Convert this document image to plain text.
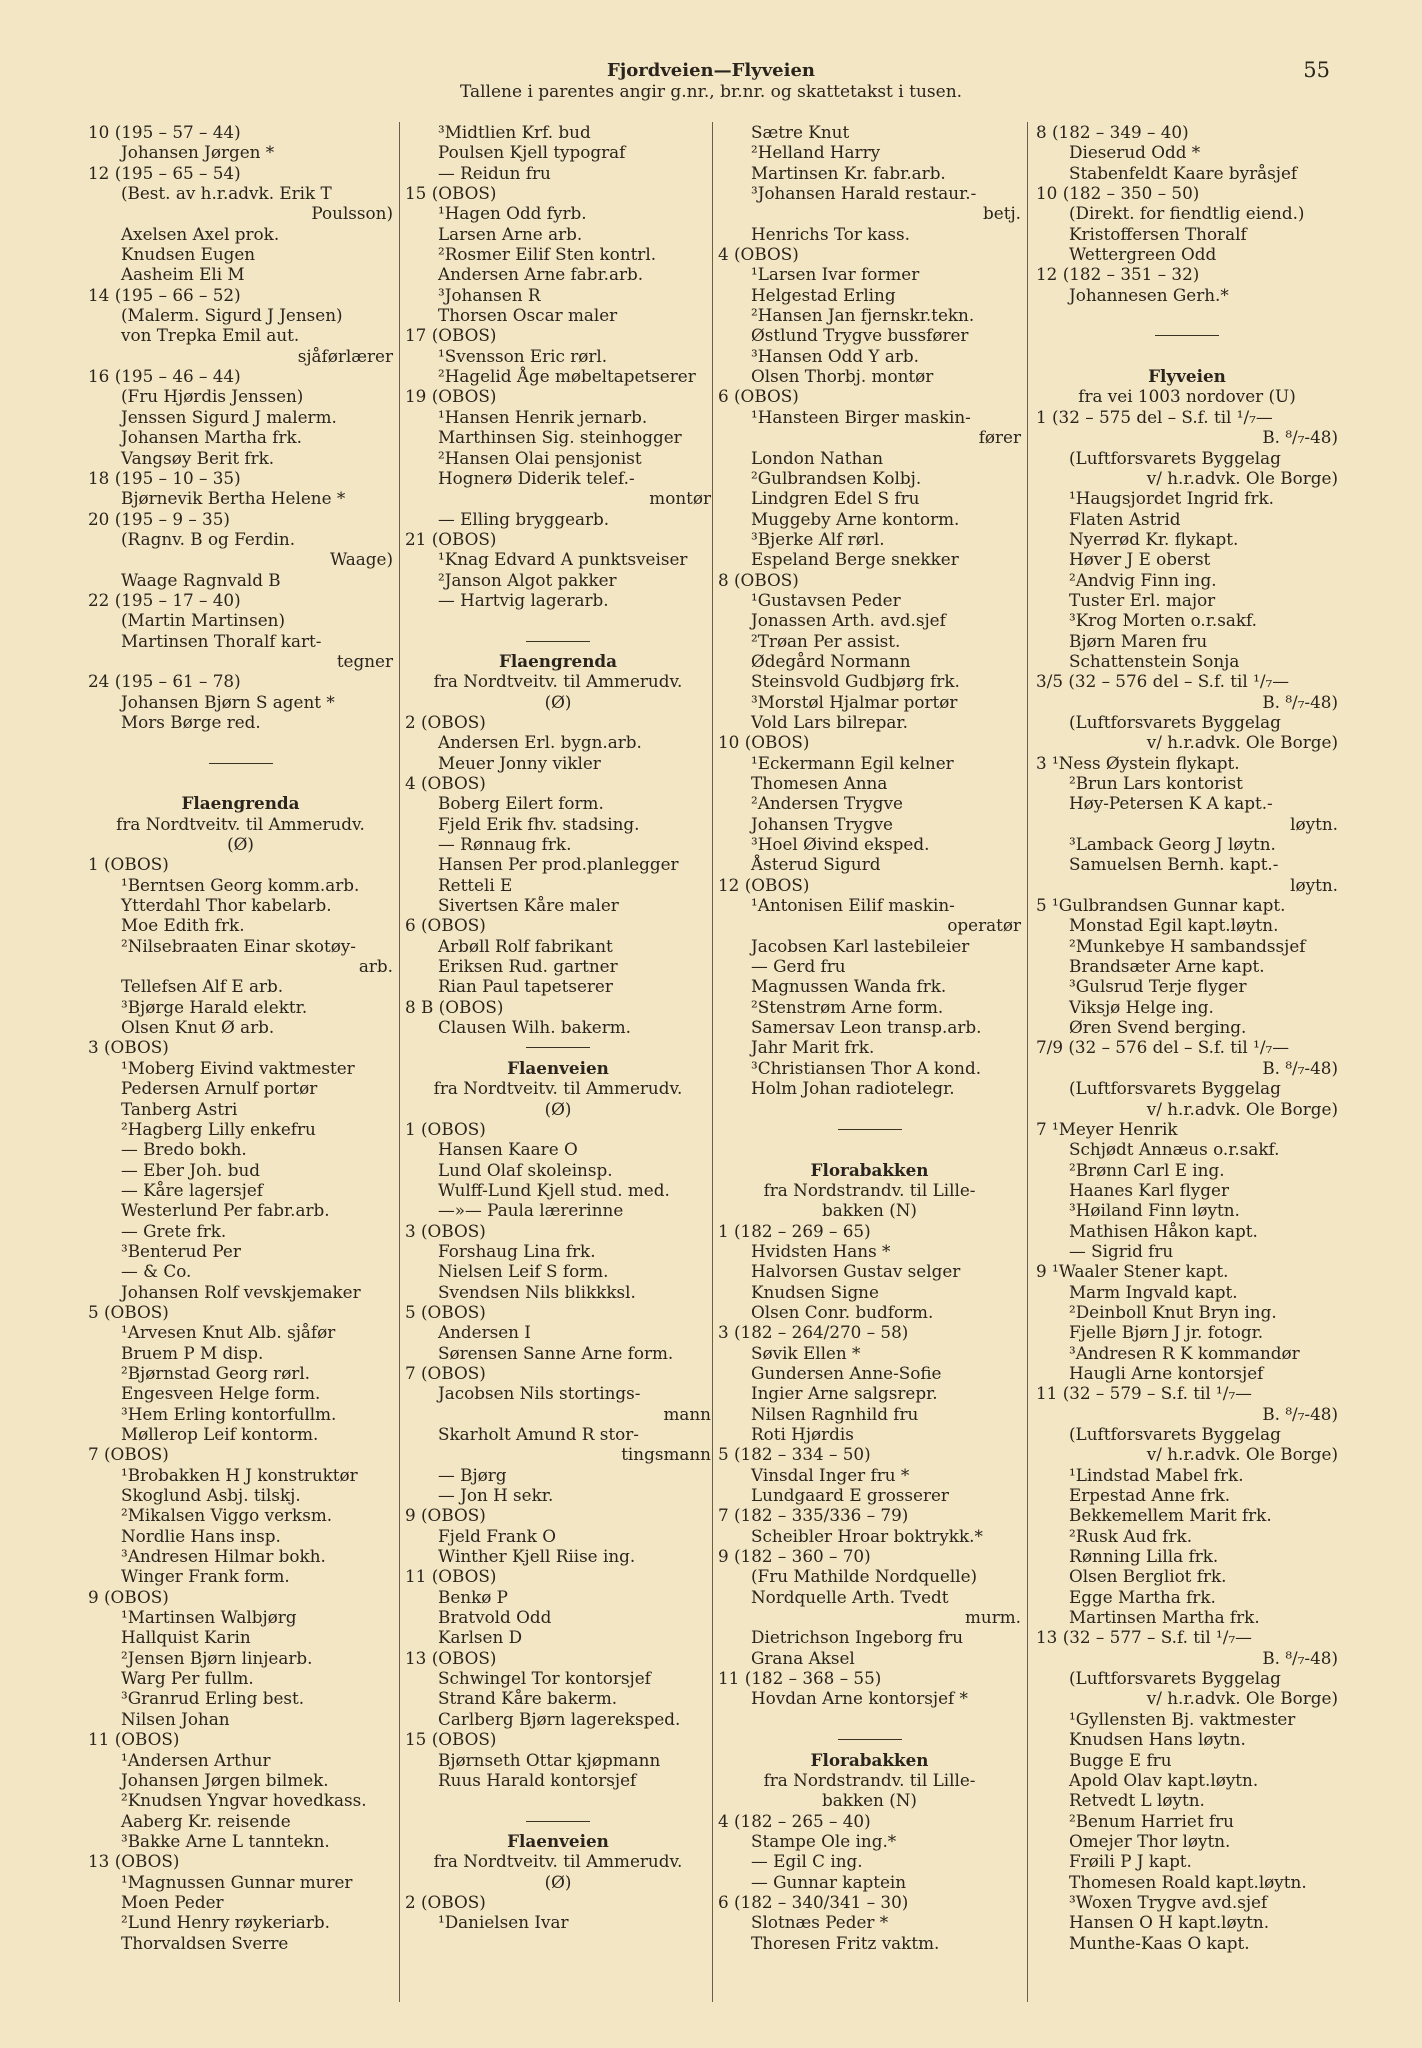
Fjordveien—Flyveien
Tallene i parentes angir g.nr., br.nr. og skattetakst i tusen.
55
10 (195 – 57 – 44)
Johansen Jørgen *
12 (195 – 65 – 54)
(Best. av h.r.advk. Erik T
Poulsson)
Axelsen Axel prok.
Knudsen Eugen
Aasheim Eli M
14 (195 – 66 – 52)
(Malerm. Sigurd J Jensen)
von Trepka Emil aut.
sjåførlærer
16 (195 – 46 – 44)
(Fru Hjørdis Jenssen)
Jenssen Sigurd J malerm.
Johansen Martha frk.
Vangsøy Berit frk.
18 (195 – 10 – 35)
Bjørnevik Bertha Helene *
20 (195 – 9 – 35)
(Ragnv. B og Ferdin.
Waage)
Waage Ragnvald B
22 (195 – 17 – 40)
(Martin Martinsen)
Martinsen Thoralf kart-
tegner
24 (195 – 61 – 78)
Johansen Bjørn S agent *
Mors Børge red.
Flaengrenda
fra Nordtveitv. til Ammerudv.
(Ø)
1 (OBOS)
¹Berntsen Georg komm.arb.
Ytterdahl Thor kabelarb.
Moe Edith frk.
²Nilsebraaten Einar skotøy-
arb.
Tellefsen Alf E arb.
³Bjørge Harald elektr.
Olsen Knut Ø arb.
3 (OBOS)
¹Moberg Eivind vaktmester
Pedersen Arnulf portør
Tanberg Astri
²Hagberg Lilly enkefru
— Bredo bokh.
— Eber Joh. bud
— Kåre lagersjef
Westerlund Per fabr.arb.
— Grete frk.
³Benterud Per
— & Co.
Johansen Rolf vevskjemaker
5 (OBOS)
¹Arvesen Knut Alb. sjåfør
Bruem P M disp.
²Bjørnstad Georg rørl.
Engesveen Helge form.
³Hem Erling kontorfullm.
Møllerop Leif kontorm.
7 (OBOS)
¹Brobakken H J konstruktør
Skoglund Asbj. tilskj.
²Mikalsen Viggo verksm.
Nordlie Hans insp.
³Andresen Hilmar bokh.
Winger Frank form.
9 (OBOS)
¹Martinsen Walbjørg
Hallquist Karin
²Jensen Bjørn linjearb.
Warg Per fullm.
³Granrud Erling best.
Nilsen Johan
11 (OBOS)
¹Andersen Arthur
Johansen Jørgen bilmek.
²Knudsen Yngvar hovedkass.
Aaberg Kr. reisende
³Bakke Arne L tanntekn.
13 (OBOS)
¹Magnussen Gunnar murer
Moen Peder
²Lund Henry røykeriarb.
Thorvaldsen Sverre
³Midtlien Krf. bud
Poulsen Kjell typograf
— Reidun fru
15 (OBOS)
¹Hagen Odd fyrb.
Larsen Arne arb.
²Rosmer Eilif Sten kontrl.
Andersen Arne fabr.arb.
³Johansen R
Thorsen Oscar maler
17 (OBOS)
¹Svensson Eric rørl.
²Hagelid Åge møbeltapetserer
19 (OBOS)
¹Hansen Henrik jernarb.
Marthinsen Sig. steinhogger
²Hansen Olai pensjonist
Hognerø Diderik telef.-
montør
— Elling bryggearb.
21 (OBOS)
¹Knag Edvard A punktsveiser
²Janson Algot pakker
— Hartvig lagerarb.
Flaengrenda
fra Nordtveitv. til Ammerudv.
(Ø)
2 (OBOS)
Andersen Erl. bygn.arb.
Meuer Jonny vikler
4 (OBOS)
Boberg Eilert form.
Fjeld Erik fhv. stadsing.
— Rønnaug frk.
Hansen Per prod.planlegger
Retteli E
Sivertsen Kåre maler
6 (OBOS)
Arbøll Rolf fabrikant
Eriksen Rud. gartner
Rian Paul tapetserer
8 B (OBOS)
Clausen Wilh. bakerm.
Flaenveien
fra Nordtveitv. til Ammerudv.
(Ø)
1 (OBOS)
Hansen Kaare O
Lund Olaf skoleinsp.
Wulff-Lund Kjell stud. med.
—»— Paula lærerinne
3 (OBOS)
Forshaug Lina frk.
Nielsen Leif S form.
Svendsen Nils blikkksl.
5 (OBOS)
Andersen I
Sørensen Sanne Arne form.
7 (OBOS)
Jacobsen Nils stortings-
mann
Skarholt Amund R stor-
tingsmann
— Bjørg
— Jon H sekr.
9 (OBOS)
Fjeld Frank O
Winther Kjell Riise ing.
11 (OBOS)
Benkø P
Bratvold Odd
Karlsen D
13 (OBOS)
Schwingel Tor kontorsjef
Strand Kåre bakerm.
Carlberg Bjørn lagereksped.
15 (OBOS)
Bjørnseth Ottar kjøpmann
Ruus Harald kontorsjef
Flaenveien
fra Nordtveitv. til Ammerudv.
(Ø)
2 (OBOS)
¹Danielsen Ivar
Sætre Knut
²Helland Harry
Martinsen Kr. fabr.arb.
³Johansen Harald restaur.-
betj.
Henrichs Tor kass.
4 (OBOS)
¹Larsen Ivar former
Helgestad Erling
²Hansen Jan fjernskr.tekn.
Østlund Trygve bussfører
³Hansen Odd Y arb.
Olsen Thorbj. montør
6 (OBOS)
¹Hansteen Birger maskin-
fører
London Nathan
²Gulbrandsen Kolbj.
Lindgren Edel S fru
Muggeby Arne kontorm.
³Bjerke Alf rørl.
Espeland Berge snekker
8 (OBOS)
¹Gustavsen Peder
Jonassen Arth. avd.sjef
²Trøan Per assist.
Ødegård Normann
Steinsvold Gudbjørg frk.
³Morstøl Hjalmar portør
Vold Lars bilrepar.
10 (OBOS)
¹Eckermann Egil kelner
Thomesen Anna
²Andersen Trygve
Johansen Trygve
³Hoel Øivind eksped.
Åsterud Sigurd
12 (OBOS)
¹Antonisen Eilif maskin-
operatør
Jacobsen Karl lastebileier
— Gerd fru
Magnussen Wanda frk.
²Stenstrøm Arne form.
Samersav Leon transp.arb.
Jahr Marit frk.
³Christiansen Thor A kond.
Holm Johan radiotelegr.
Florabakken
fra Nordstrandv. til Lille-
bakken (N)
1 (182 – 269 – 65)
Hvidsten Hans *
Halvorsen Gustav selger
Knudsen Signe
Olsen Conr. budform.
3 (182 – 264/270 – 58)
Søvik Ellen *
Gundersen Anne-Sofie
Ingier Arne salgsrepr.
Nilsen Ragnhild fru
Roti Hjørdis
5 (182 – 334 – 50)
Vinsdal Inger fru *
Lundgaard E grosserer
7 (182 – 335/336 – 79)
Scheibler Hroar boktrykk.*
9 (182 – 360 – 70)
(Fru Mathilde Nordquelle)
Nordquelle Arth. Tvedt
murm.
Dietrichson Ingeborg fru
Grana Aksel
11 (182 – 368 – 55)
Hovdan Arne kontorsjef *
Florabakken
fra Nordstrandv. til Lille-
bakken (N)
4 (182 – 265 – 40)
Stampe Ole ing.*
— Egil C ing.
— Gunnar kaptein
6 (182 – 340/341 – 30)
Slotnæs Peder *
Thoresen Fritz vaktm.
8 (182 – 349 – 40)
Dieserud Odd *
Stabenfeldt Kaare byråsjef
10 (182 – 350 – 50)
(Direkt. for fiendtlig eiend.)
Kristoffersen Thoralf
Wettergreen Odd
12 (182 – 351 – 32)
Johannesen Gerh.*
Flyveien
fra vei 1003 nordover (U)
1 (32 – 575 del – S.f. til ¹/₇—
B. ⁸/₇-48)
(Luftforsvarets Byggelag
v/ h.r.advk. Ole Borge)
¹Haugsjordet Ingrid frk.
Flaten Astrid
Nyerrød Kr. flykapt.
Høver J E oberst
²Andvig Finn ing.
Tuster Erl. major
³Krog Morten o.r.sakf.
Bjørn Maren fru
Schattenstein Sonja
3/5 (32 – 576 del – S.f. til ¹/₇—
B. ⁸/₇-48)
(Luftforsvarets Byggelag
v/ h.r.advk. Ole Borge)
3 ¹Ness Øystein flykapt.
²Brun Lars kontorist
Høy-Petersen K A kapt.-
løytn.
³Lamback Georg J løytn.
Samuelsen Bernh. kapt.-
løytn.
5 ¹Gulbrandsen Gunnar kapt.
Monstad Egil kapt.løytn.
²Munkebye H sambandssjef
Brandsæter Arne kapt.
³Gulsrud Terje flyger
Viksjø Helge ing.
Øren Svend berging.
7/9 (32 – 576 del – S.f. til ¹/₇—
B. ⁸/₇-48)
(Luftforsvarets Byggelag
v/ h.r.advk. Ole Borge)
7 ¹Meyer Henrik
Schjødt Annæus o.r.sakf.
²Brønn Carl E ing.
Haanes Karl flyger
³Høiland Finn løytn.
Mathisen Håkon kapt.
— Sigrid fru
9 ¹Waaler Stener kapt.
Marm Ingvald kapt.
²Deinboll Knut Bryn ing.
Fjelle Bjørn J jr. fotogr.
³Andresen R K kommandør
Haugli Arne kontorsjef
11 (32 – 579 – S.f. til ¹/₇—
B. ⁸/₇-48)
(Luftforsvarets Byggelag
v/ h.r.advk. Ole Borge)
¹Lindstad Mabel frk.
Erpestad Anne frk.
Bekkemellem Marit frk.
²Rusk Aud frk.
Rønning Lilla frk.
Olsen Bergliot frk.
Egge Martha frk.
Martinsen Martha frk.
13 (32 – 577 – S.f. til ¹/₇—
B. ⁸/₇-48)
(Luftforsvarets Byggelag
v/ h.r.advk. Ole Borge)
¹Gyllensten Bj. vaktmester
Knudsen Hans løytn.
Bugge E fru
Apold Olav kapt.løytn.
Retvedt L løytn.
²Benum Harriet fru
Omejer Thor løytn.
Frøili P J kapt.
Thomesen Roald kapt.løytn.
³Woxen Trygve avd.sjef
Hansen O H kapt.løytn.
Munthe-Kaas O kapt.
